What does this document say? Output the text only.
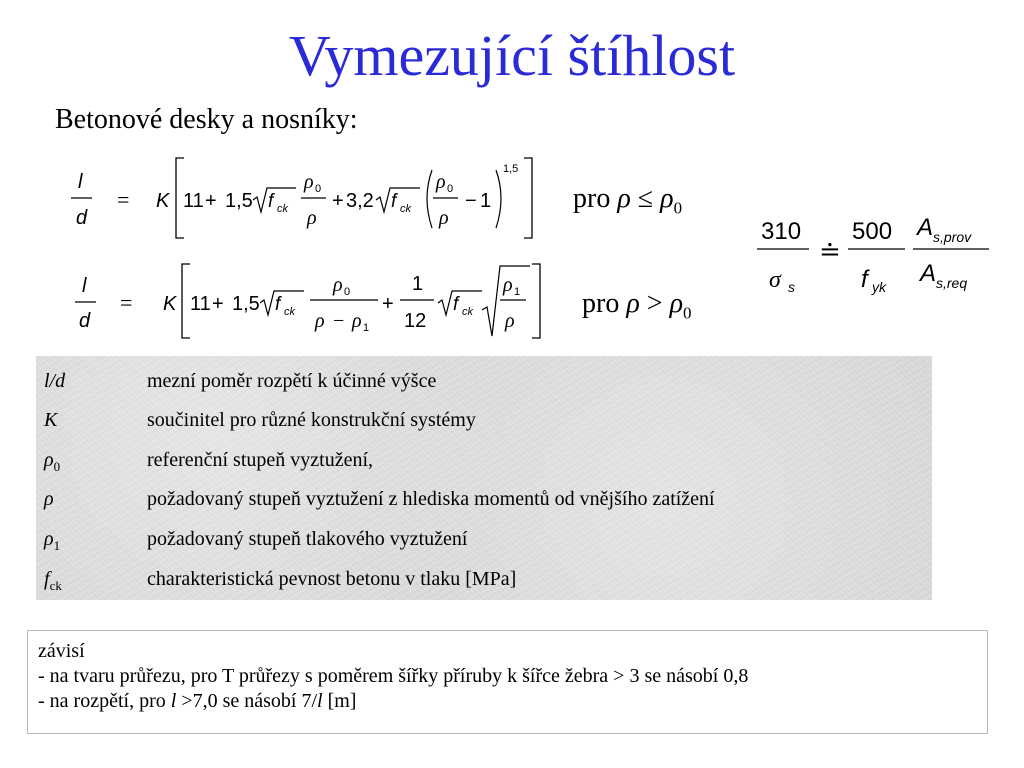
Vymezující štíhlost
Betonové desky a nosníky:
l
d
= K 11 + 1,5 f ck
ρ 0
ρ
+ 3,2 f ck
ρ 0
ρ
− 1
1,5
pro $\rho \le \rho_0$
l
d
= K 11 + 1,5 f ck
ρ 0
ρ − ρ 1
+
1
12
f ck
ρ 1
ρ
pro $\rho > \rho_0$
310
σ s
≐
500
f yk
A s,prov
A s,req
l/d	mezní poměr rozpětí k účinné výšce
K	součinitel pro různé konstrukční systémy
$\rho_0$	referenční stupeň vyztužení,
ρ	požadovaný stupeň vyztužení z hlediska momentů od vnějšího zatížení
$\rho_1$	požadovaný stupeň tlakového vyztužení
$f_{ck}$	charakteristická pevnost betonu v tlaku [MPa]
závisí
- na tvaru průřezu, pro T průřezy s poměrem šířky příruby k šířce žebra > 3 se násobí 0,8
- na rozpětí, pro l >7,0 se násobí 7/l [m]
